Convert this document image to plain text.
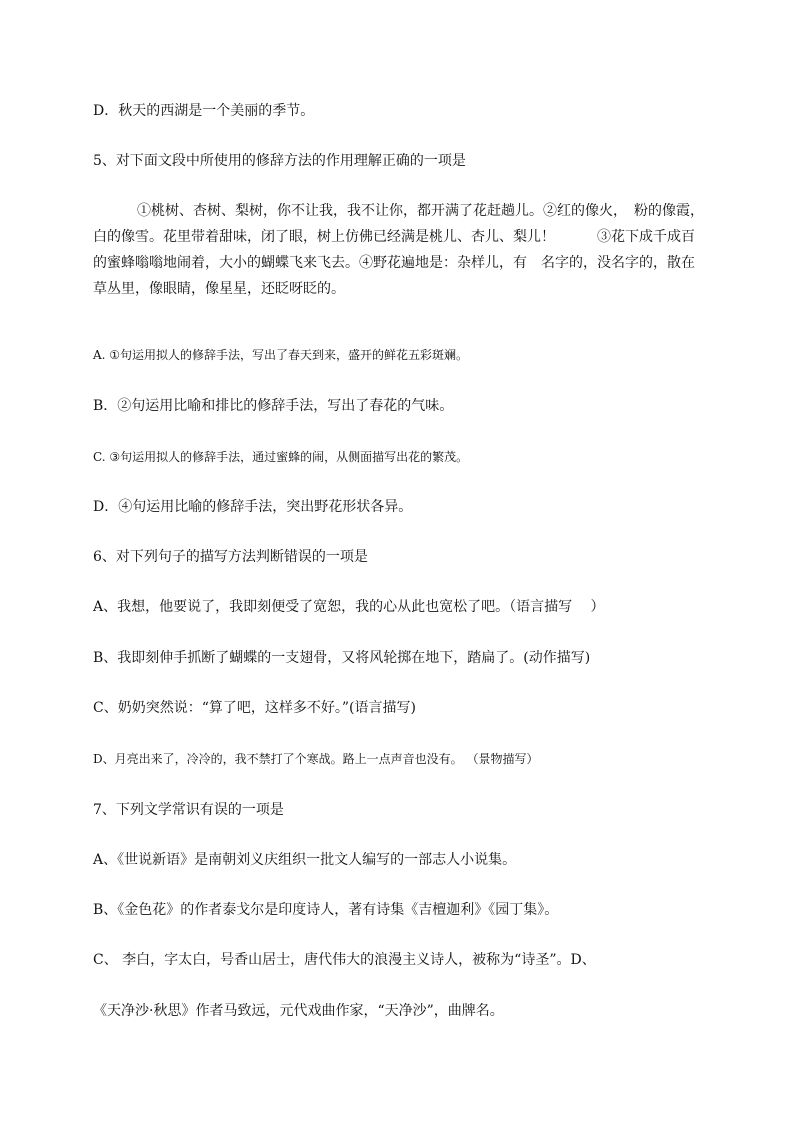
D．秋天的西湖是一个美丽的季节。
5、对下面文段中所使用的修辞方法的作用理解正确的一项是
①桃树、杏树、梨树，你不让我，我不让你，都开满了花赶趟儿。②红的像火，　粉的像霞，
白的像雪。花里带着甜味，闭了眼，树上仿佛已经满是桃儿、杏儿、梨儿！　　　③花下成千成百
的蜜蜂嗡嗡地闹着，大小的蝴蝶飞来飞去。④野花遍地是：杂样儿，有　名字的，没名字的，散在
草丛里，像眼睛，像星星，还眨呀眨的。
A. ①句运用拟人的修辞手法，写出了春天到来，盛开的鲜花五彩斑斓。
B．②句运用比喻和排比的修辞手法，写出了春花的气味。
C. ③句运用拟人的修辞手法，通过蜜蜂的闹，从侧面描写出花的繁茂。
D．④句运用比喻的修辞手法，突出野花形状各异。
6、对下列句子的描写方法判断错误的一项是
A、我想，他要说了，我即刻便受了宽恕，我的心从此也宽松了吧。（语言描写　 ）
B、我即刻伸手抓断了蝴蝶的一支翅骨，又将风轮掷在地下，踏扁了。(动作描写)
C、奶奶突然说：“算了吧，这样多不好。”(语言描写)
D、月亮出来了，冷冷的，我不禁打了个寒战。路上一点声音也没有。 （景物描写）
7、下列文学常识有误的一项是
A、《世说新语》是南朝刘义庆组织一批文人编写的一部志人小说集。
B、《金色花》的作者泰戈尔是印度诗人，著有诗集《吉檀迦利》《园丁集》。
C、 李白，字太白，号香山居士，唐代伟大的浪漫主义诗人，被称为“诗圣”。D、
《天净沙·秋思》作者马致远，元代戏曲作家，“天净沙”，曲牌名。
